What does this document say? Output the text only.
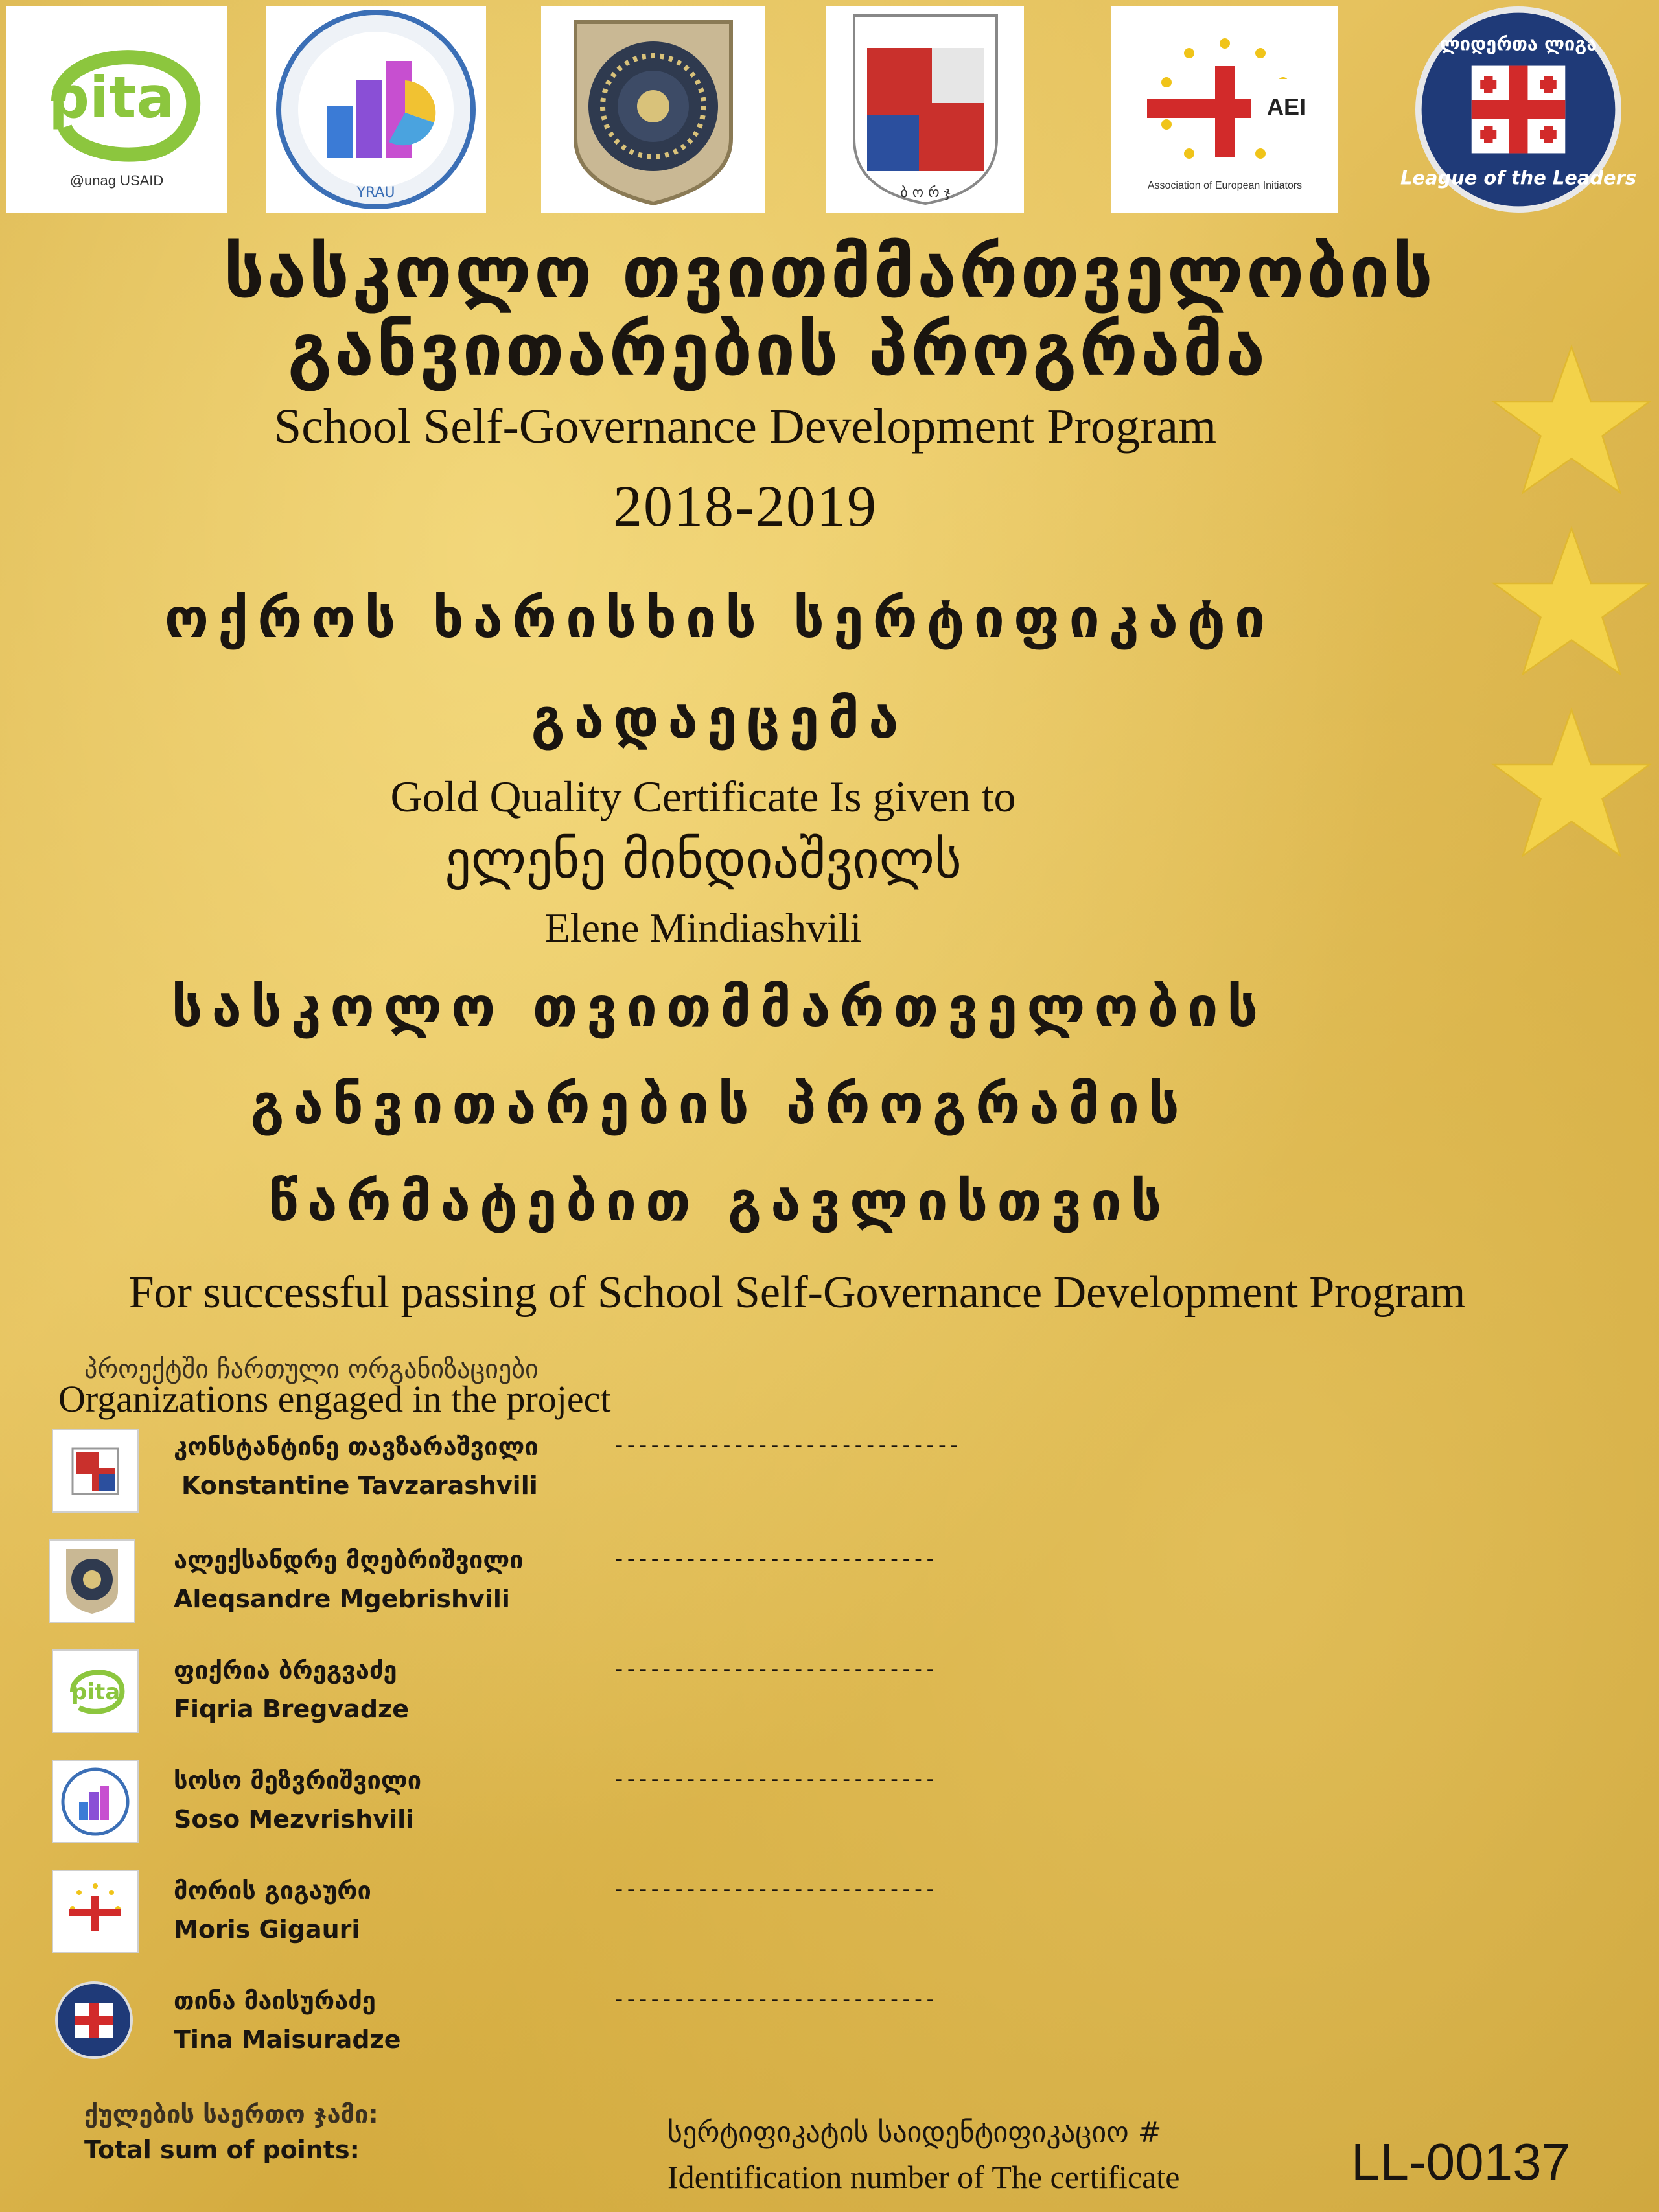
pita
@unag USAID
YRAU	ბ ო რ ჯ
AEI
Association of European Initiators
ლიდერთა ლიგა
League of the Leaders
სასკოლო თვითმმართველობის
განვითარების პროგრამა
School Self-Governance Development Program
2018-2019
ოქროს ხარისხის სერტიფიკატი
გადაეცემა
Gold Quality Certificate Is given to
ელენე მინდიაშვილს
Elene Mindiashvili
სასკოლო თვითმმართველობის
განვითარების პროგრამის
წარმატებით გავლისთვის
For successful passing of School Self-Governance Development Program
პროექტში ჩართული ორგანიზაციები
Organizations engaged in the project
კონსტანტინე თავზარაშვილი	-----------------------------
Konstantine Tavzarashvili
ალექსანდრე მღებრიშვილი	---------------------------
Aleqsandre Mgebrishvili
pita
ფიქრია ბრეგვაძე	---------------------------
Fiqria Bregvadze
სოსო მეზვრიშვილი	---------------------------
Soso Mezvrishvili
მორის გიგაური	---------------------------
Moris Gigauri
თინა მაისურაძე	---------------------------
Tina Maisuradze
ქულების საერთო ჯამი:
Total sum of points:
სერტიფიკატის საიდენტიფიკაციო #
Identification number of The certificate	LL-00137
